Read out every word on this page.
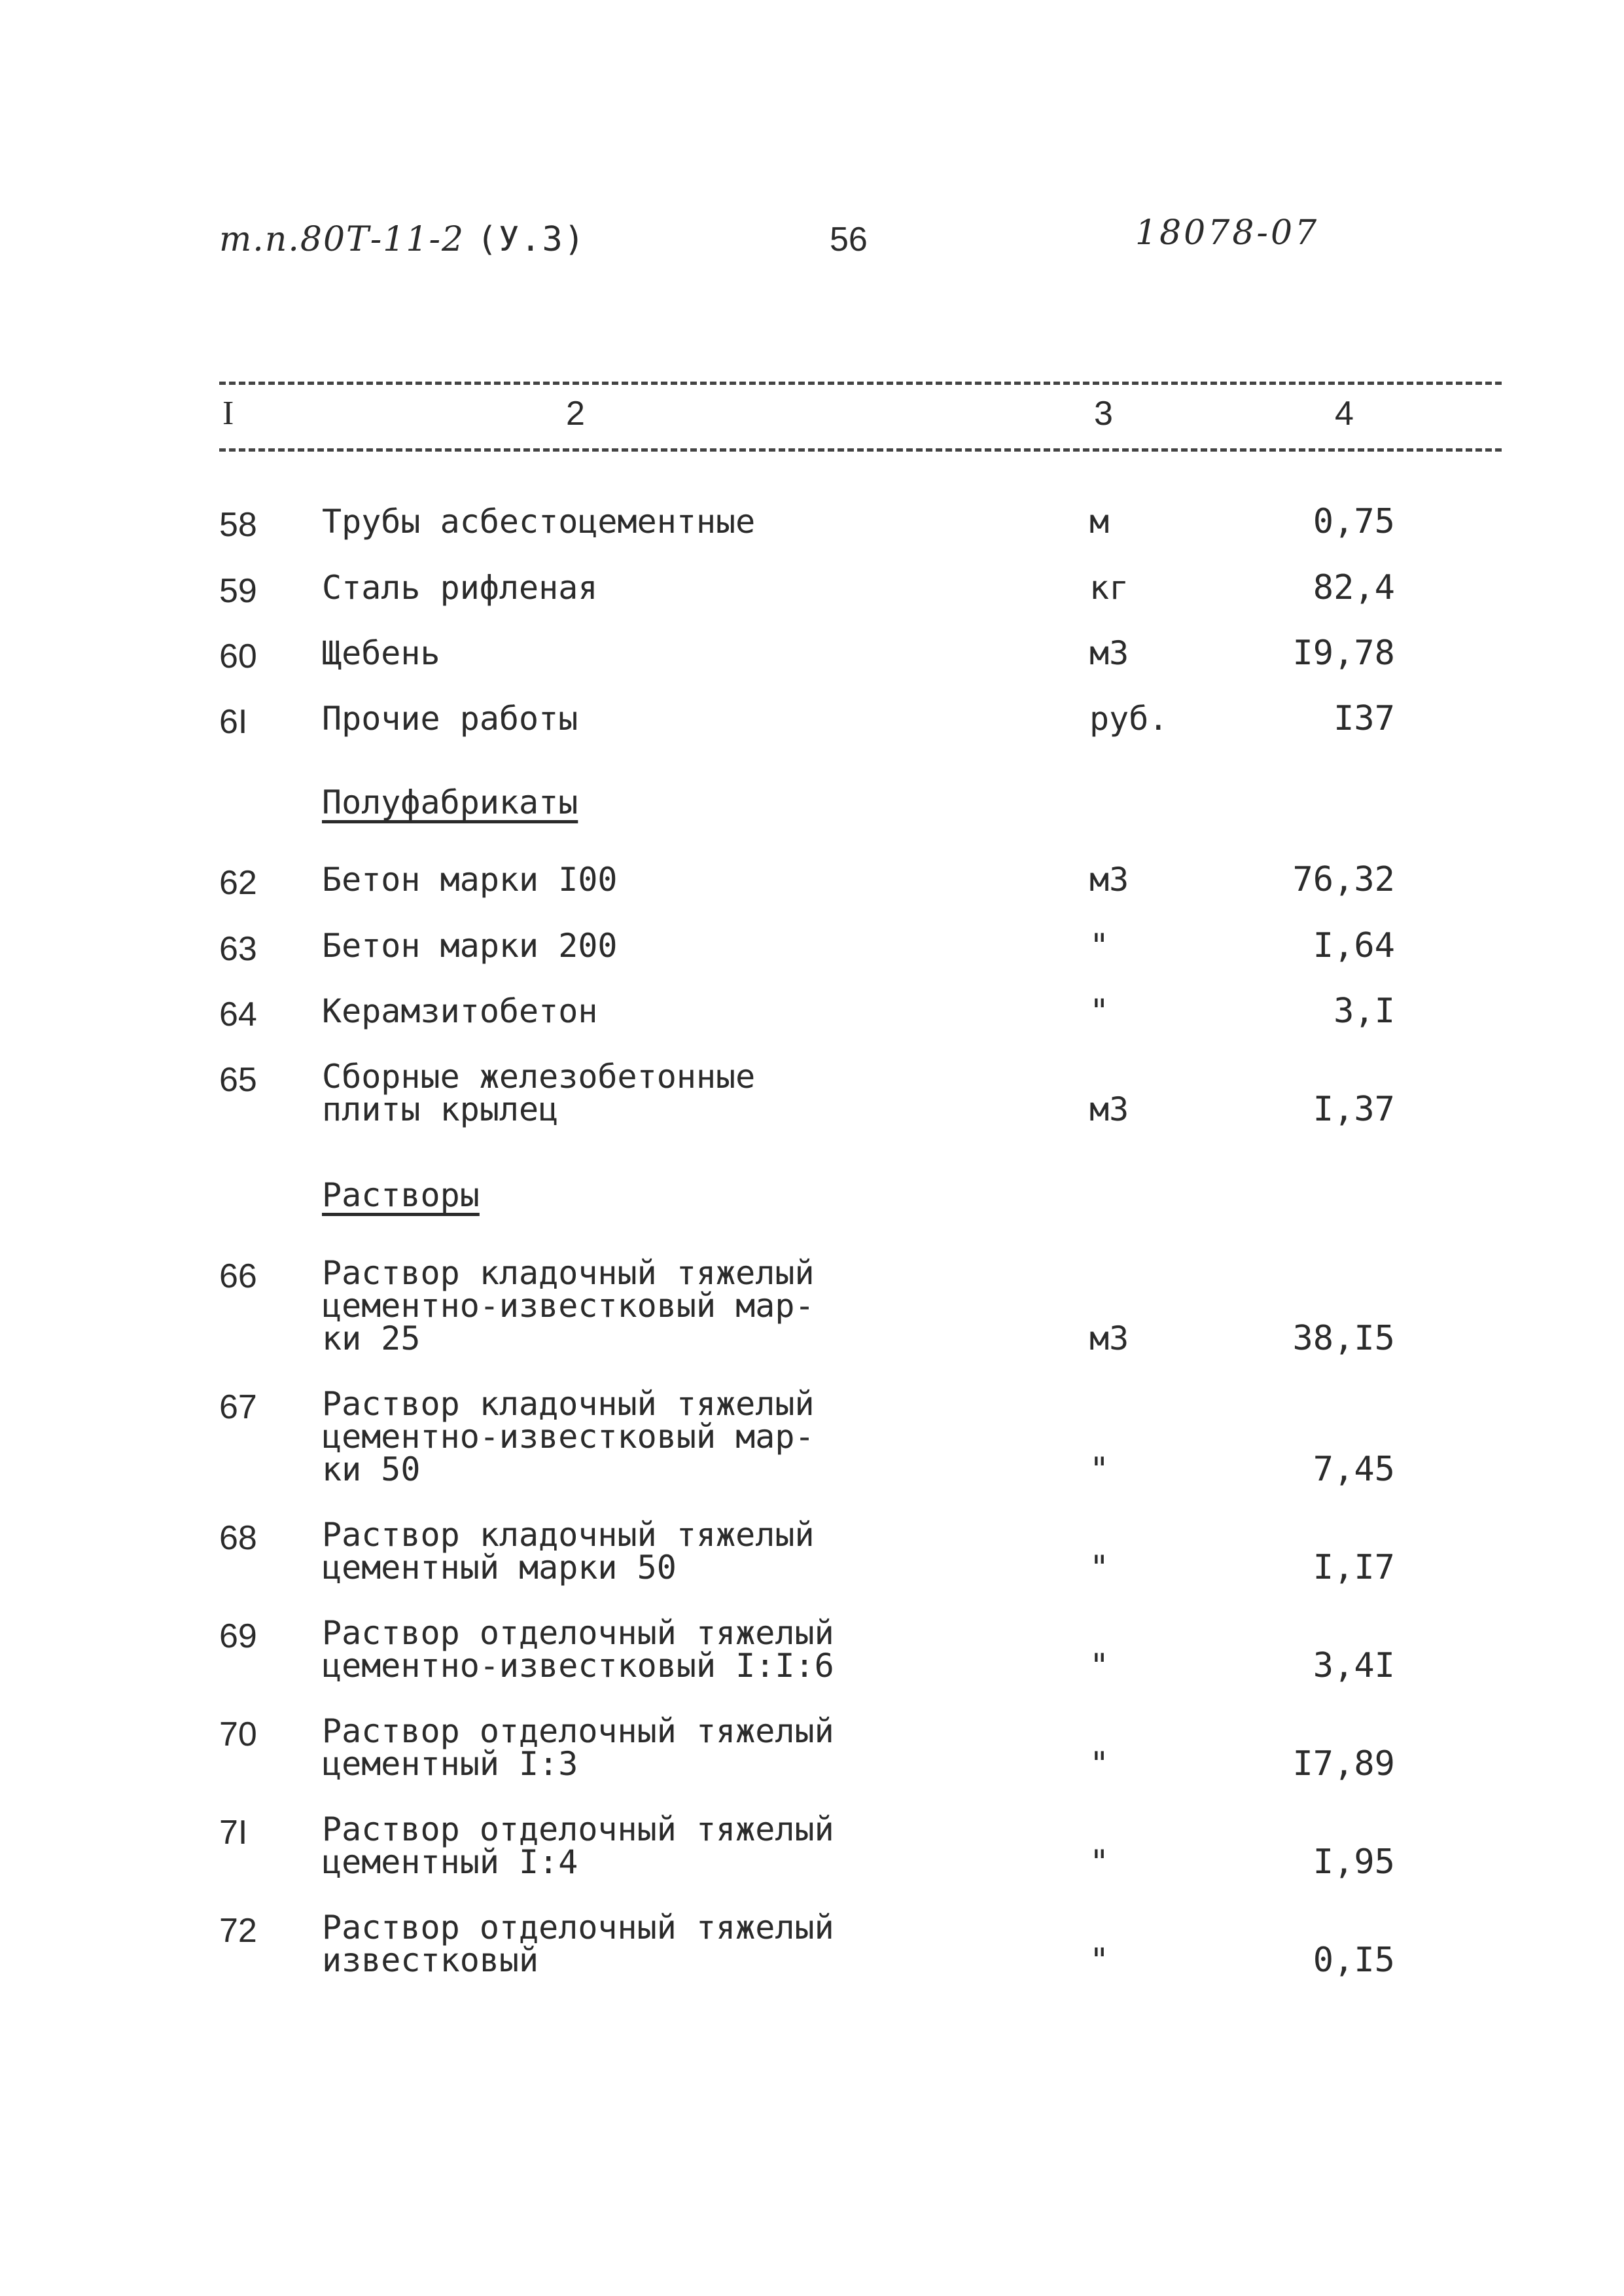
т.п.80Т-11-2 (У.3)	56	18078-07
I	2	3	4
58 Трубы асбестоцементные	м	0,75
59 Сталь рифленая	кг	82,4
60 Щебень	м3	I9,78
6I Прочие работы	руб.	I37
Полуфабрикаты
62 Бетон марки I00	м3	76,32
63 Бетон марки 200	"	I,64
64 Керамзитобетон	"	3,I
65 Сборные железобетонные
плиты крылец	м3	I,37
Растворы
66 Раствор кладочный тяжелый
цементно-известковый мар-
ки 25	м3	38,I5
67 Раствор кладочный тяжелый
цементно-известковый мар-
ки 50	"	7,45
68 Раствор кладочный тяжелый
цементный марки 50	"	I,I7
69 Раствор отделочный тяжелый
цементно-известковый I:I:6	"	3,4I
70 Раствор отделочный тяжелый
цементный I:3	"	I7,89
7I Раствор отделочный тяжелый
цементный I:4	"	I,95
72 Раствор отделочный тяжелый
известковый	"	0,I5
